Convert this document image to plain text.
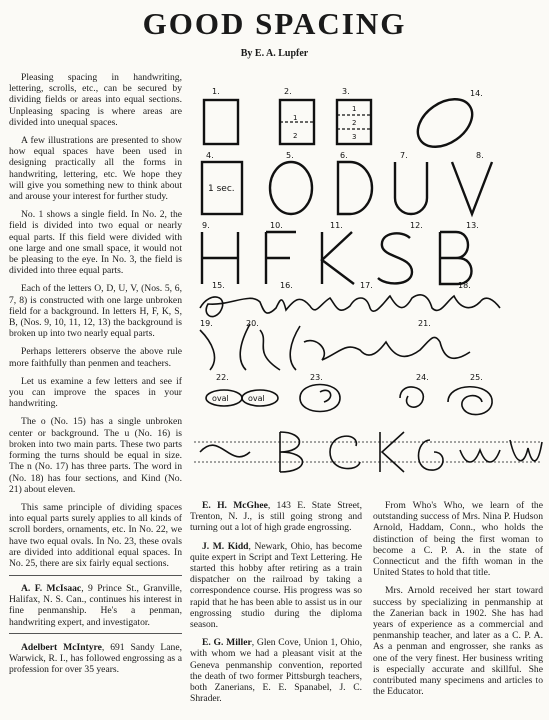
GOOD SPACING
By E. A. Lupfer

Pleasing spacing in handwriting, lettering, scrolls, etc., can be secured by dividing fields or areas into equal sections. Unpleasing spacing is where areas are divided into unequal spaces.

A few illustrations are presented to show how equal spaces have been used in designing practically all the forms in handwriting, lettering, etc. We hope they will give you something new to think about and arouse your interest for further study.

No. 1 shows a single field. In No. 2, the field is divided into two equal or nearly equal parts. If this field were divided with one large and one small space, it would not be pleasing to the eye. In No. 3, the field is divided into three equal parts.

Each of the letters O, D, U, V, (Nos. 5, 6, 7, 8) is constructed with one large unbroken field for a background. In letters H, F, K, S, B, (Nos. 9, 10, 11, 12, 13) the background is broken up into two nearly equal parts.

Perhaps letterers observe the above rule more faithfully than penmen and teachers.

Let us examine a few letters and see if you can improve the spaces in your handwriting.

The o (No. 15) has a single unbroken center or background. The u (No. 16) is broken into two main parts. These two parts forming the turns should be equal in size. The n (No. 17) has three parts. The word in (No. 18) has four sections, and Kind (No. 21) about eleven.

This same principle of dividing spaces into equal parts surely applies to all kinds of scroll borders, ornaments, etc. In No. 22, we have two equal ovals. In No. 23, these ovals are divided into additional equal spaces. In No. 25, there are six fairly equal sections.

A. F. McIsaac, 9 Prince St., Granville, Halifax, N. S. Can., continues his interest in fine penmanship. He's a penman, handwriting expert, and investigator.

Adelbert McIntyre, 691 Sandy Lane, Warwick, R. I., has followed engrossing as a profession for over 35 years.

E. H. McGhee, 143 E. State Street, Trenton, N. J., is still going strong and turning out a lot of high grade engrossing.

J. M. Kidd, Newark, Ohio, has become quite expert in Script and Text Lettering. He started this hobby after retiring as a train dispatcher on the railroad by taking a correspondence course. His progress was so rapid that he has been able to assist us in our engrossing studio during the diploma season.

E. G. Miller, Glen Cove, Union 1, Ohio, with whom we had a pleasant visit at the Geneva penmanship convention, reported the death of two former Pittsburgh teachers, both Zanerians, E. E. Spanabel, J. C. Shrader.

From Who's Who, we learn of the outstanding success of Mrs. Nina P. Hudson Arnold, Haddam, Conn., who holds the distinction of being the first woman to become a C. P. A. in the state of Connecticut and the fifth woman in the United States to hold that title.

Mrs. Arnold received her start toward success by specializing in penmanship at the Zanerian back in 1902. She has had years of experience as a commercial and penmanship teacher, and later as a C. P. A. As a penman and engrosser, she ranks as one of the very finest. Her business writing is especially accurate and skillful. She contributed many specimens and articles to the Educator.

1.	2.	3.	14.
4.	5.	6.	7.	8.
9.	10.	11.	12.	13.
15.	16.	17.	18.
19.	20.	21.
22.	23.	24.	25.
1 sec.
oval oval
1
2
1
2
3
